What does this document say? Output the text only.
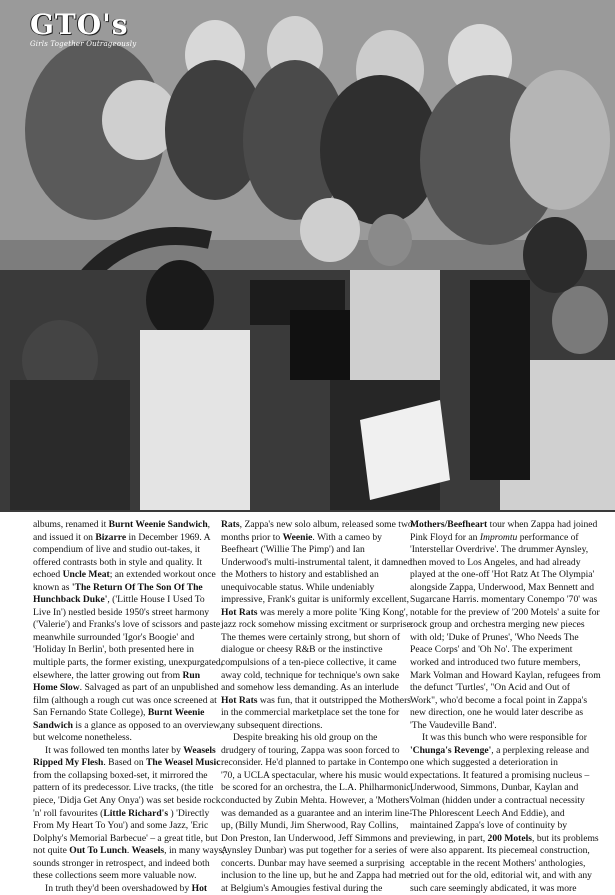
GTO's
Girls Together Outrageously
albums, renamed it Burnt Weenie Sandwich,
and issued it on Bizarre in December 1969. A
compendium of live and studio out-takes, it
offered contrasts both in style and quality. It
echoed Uncle Meat; an extended workout once
known as 'The Return Of The Son Of The
Hunchback Duke', ('Little House I Used To
Live In') nestled beside 1950's street harmony
('Valerie') and Franks's love of scissors and paste
meanwhile surrounded 'Igor's Boogie' and
'Holiday In Berlin', both presented here in
multiple parts, the former existing, unexpurgated,
elsewhere, the latter growing out from Run
Home Slow. Salvaged as part of an unpublished
film (although a rough cut was once screened at
San Fernando State College), Burnt Weenie
Sandwich is a glance as opposed to an overview,
but welcome nonetheless.
It was followed ten months later by Weasels
Ripped My Flesh. Based on The Weasel Music
from the collapsing boxed-set, it mirrored the
pattern of its predecessor. Live tracks, (the title
piece, 'Didja Get Any Onya') was set beside rock
'n' roll favourites (Little Richard's ) 'Directly
From My Heart To You') and some Jazz, 'Eric
Dolphy's Memorial Barbecue' – a great title, but
not quite Out To Lunch. Weasels, in many ways,
sounds stronger in retrospect, and indeed both
these collections seem more valuable now.
In truth they'd been overshadowed by Hot
Rats, Zappa's new solo album, released some two
months prior to Weenie. With a cameo by
Beefheart ('Willie The Pimp') and Ian
Underwood's multi-instrumental talent, it damned
the Mothers to history and established an
unequivocable status. While undeniably
impressive, Frank's guitar is uniformly excellent,
Hot Rats was merely a more polite 'King Kong',
jazz rock somehow missing excitment or surprise.
The themes were certainly strong, but shorn of
dialogue or cheesy R&B or the instinctive
compulsions of a ten-piece collective, it came
away cold, technique for technique's own sake
and somehow less demanding. As an interlude
Hot Rats was fun, that it outstripped the Mothers
in the commercial marketplace set the tone for
any subsequent directions.
Despite breaking his old group on the
drudgery of touring, Zappa was soon forced to
reconsider. He'd planned to partake in Contempo
'70, a UCLA spectacular, where his music would
be scored for an orchestra, the L.A. Philharmonic,
conducted by Zubin Mehta. However, a 'Mothers'
was demanded as a guarantee and an interim line-
up, (Billy Mundi, Jim Sherwood, Ray Collins,
Don Preston, Ian Underwood, Jeff Simmons and
Aynsley Dunbar) was put together for a series of
concerts. Dunbar may have seemed a surprising
inclusion to the line up, but he and Zappa had met
at Belgium's Amougies festival during the
Mothers/Beefheart tour when Zappa had joined
Pink Floyd for an Impromtu performance of
'Interstellar Overdrive'. The drummer Aynsley,
then moved to Los Angeles, and had already
played at the one-off 'Hot Ratz At The Olympia'
alongside Zappa, Underwood, Max Bennett and
Sugarcane Harris. momentary Conempo '70' was
notable for the preview of '200 Motels' a suite for
rock group and orchestra merging new pieces
with old; 'Duke of Prunes', 'Who Needs The
Peace Corps' and 'Oh No'. The experiment
worked and introduced two future members,
Mark Volman and Howard Kaylan, refugees from
the defunct 'Turtles', "On Acid and Out of
Work", who'd become a focal point in Zappa's
new direction, one he would later describe as
'The Vaudeville Band'.
It was this bunch who were responsible for
'Chunga's Revenge', a perplexing release and
one which suggested a deterioration in
expectations. It featured a promising nucleus –
Underwood, Simmons, Dunbar, Kaylan and
Volman (hidden under a contractual necessity
'The Phlorescent Leech And Eddie), and
maintained Zappa's love of continuity by
previewing, in part, 200 Motels, but its problems
were also apparent. Its piecemeal construction,
acceptable in the recent Mothers' anthologies,
cried out for the old, editorial wit, and with any
such care seemingly abdicated, it was more
